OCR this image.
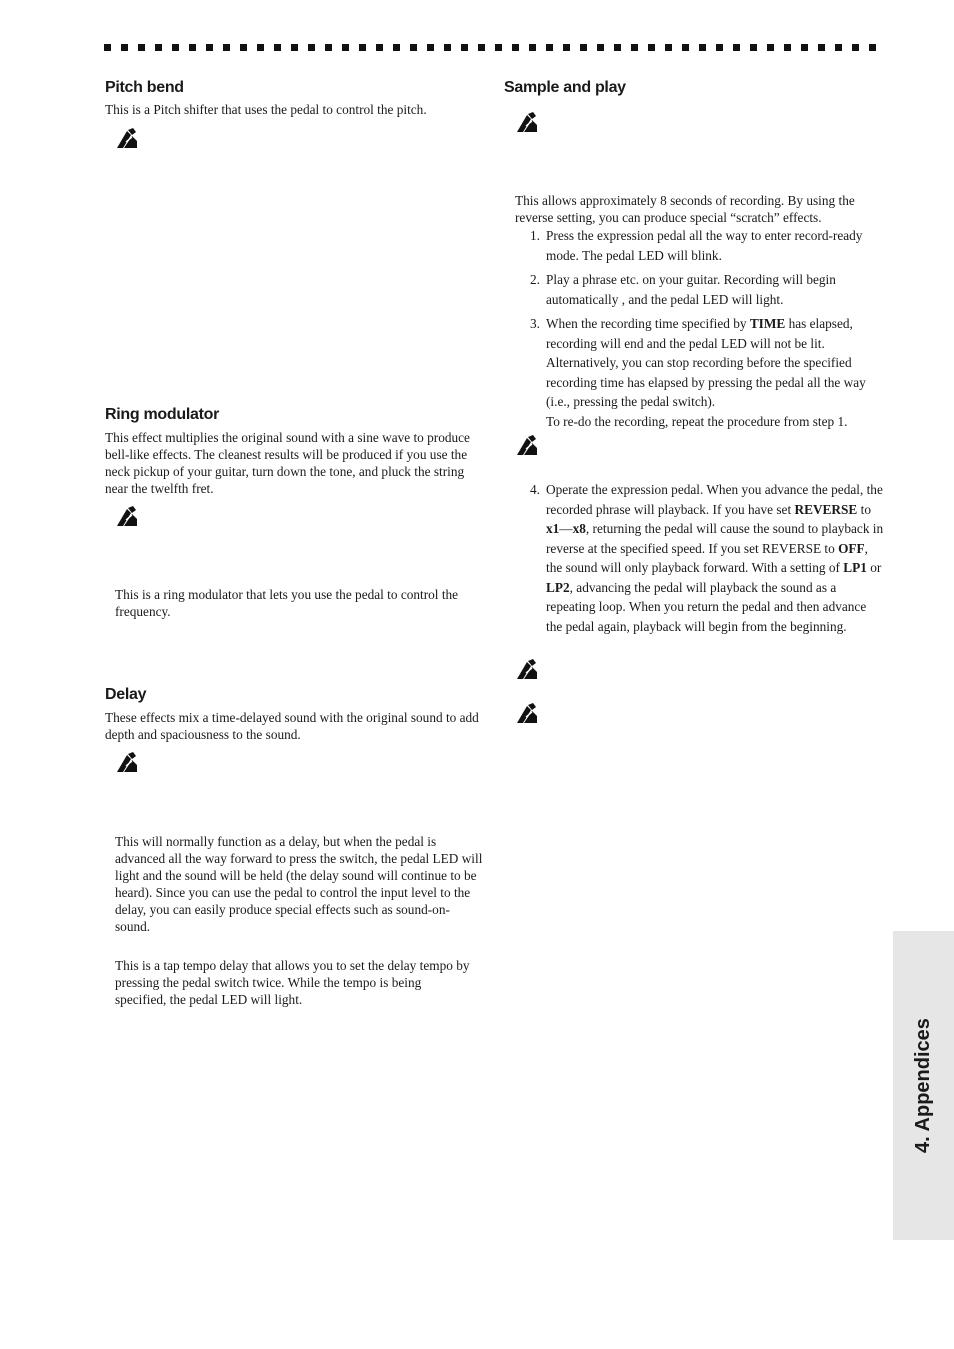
Pitch bend

This is a Pitch shifter that uses the pedal to control the pitch.

Ring modulator

This effect multiplies the original sound with a sine wave to produce bell-like effects. The cleanest results will be produced if you use the neck pickup of your guitar, turn down the tone, and pluck the string near the twelfth fret.

This is a ring modulator that lets you use the pedal to control the frequency.

Delay

These effects mix a time-delayed sound with the original sound to add depth and spaciousness to the sound.

This will normally function as a delay, but when the pedal is advanced all the way forward to press the switch, the pedal LED will light and the sound will be held (the delay sound will continue to be heard). Since you can use the pedal to control the input level to the delay, you can easily produce special effects such as sound-on-sound.

This is a tap tempo delay that allows you to set the delay tempo by pressing the pedal switch twice. While the tempo is being specified, the pedal LED will light.

Sample and play

This allows approximately 8 seconds of recording. By using the reverse setting, you can produce special “scratch” effects.

1. Press the expression pedal all the way to enter record-ready mode. The pedal LED will blink.
2. Play a phrase etc. on your guitar. Recording will begin automatically , and the pedal LED will light.
3. When the recording time specified by TIME has elapsed, recording will end and the pedal LED will not be lit. Alternatively, you can stop recording before the specified recording time has elapsed by pressing the pedal all the way (i.e., pressing the pedal switch).
To re-do the recording, repeat the procedure from step 1.
4. Operate the expression pedal. When you advance the pedal, the recorded phrase will playback. If you have set REVERSE to x1—x8, returning the pedal will cause the sound to playback in reverse at the specified speed. If you set REVERSE to OFF, the sound will only playback forward. With a setting of LP1 or LP2, advancing the pedal will playback the sound as a repeating loop. When you return the pedal and then advance the pedal again, playback will begin from the beginning.
4. Appendices
